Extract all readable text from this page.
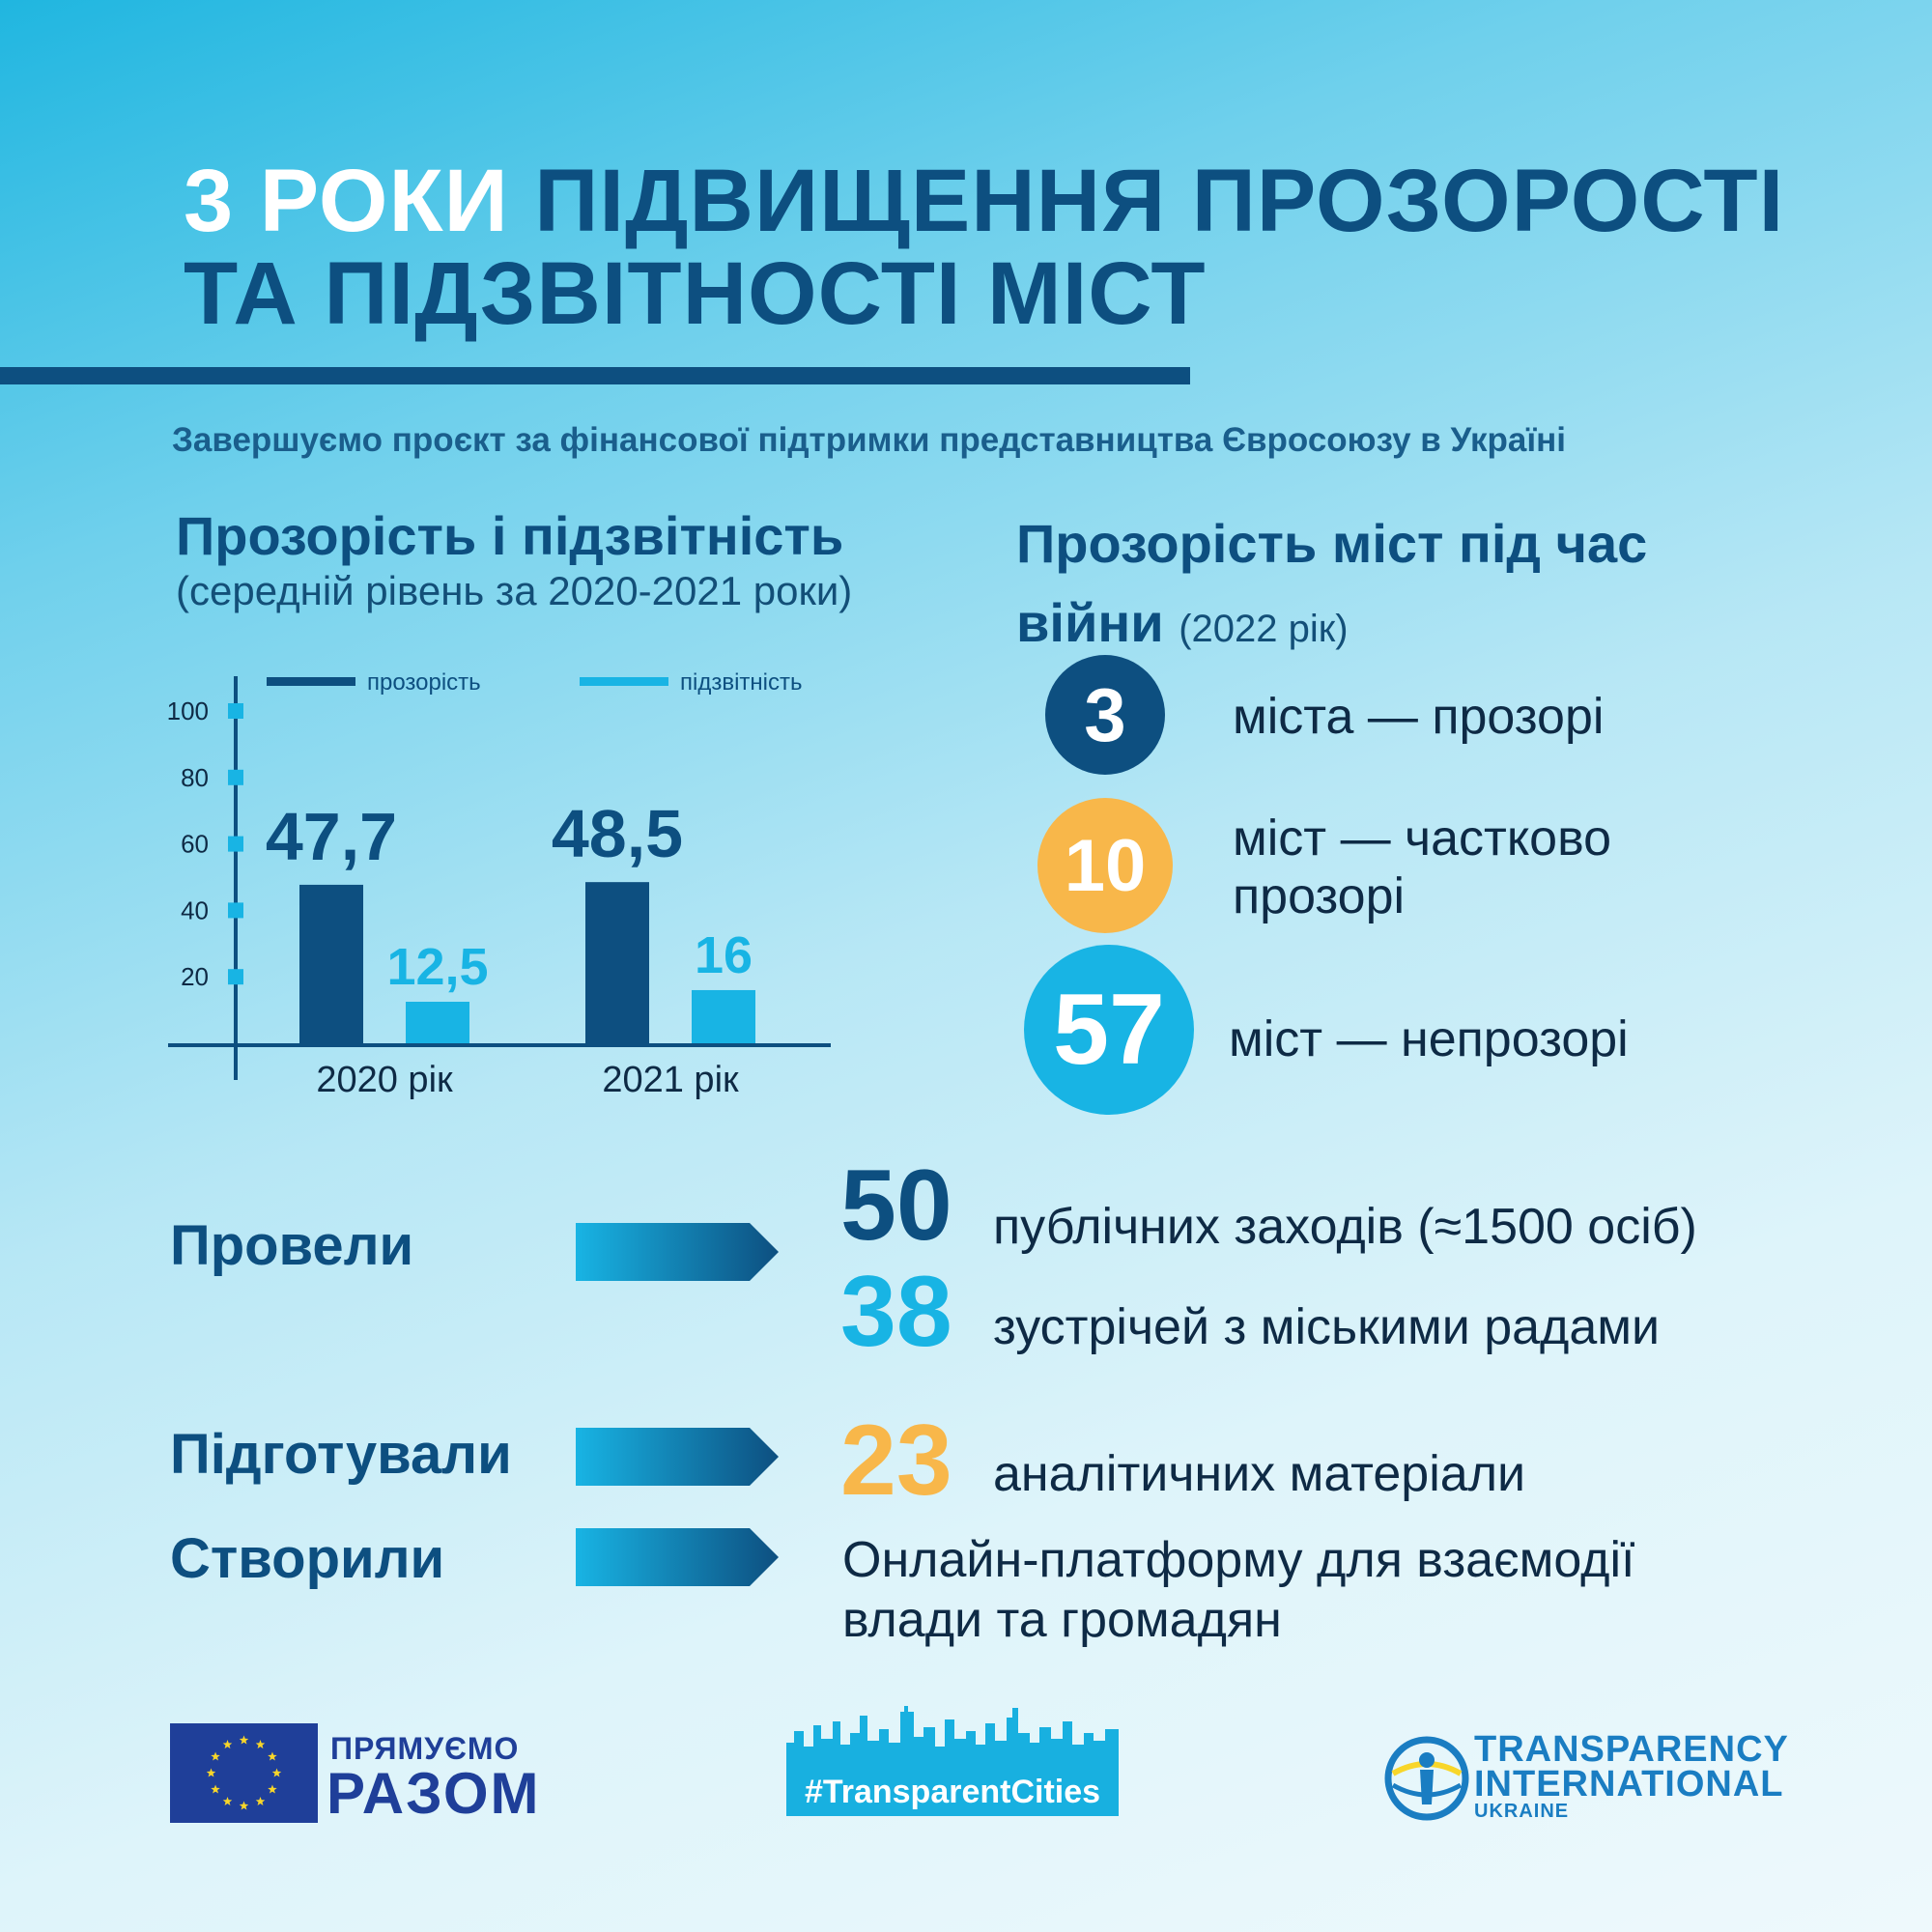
3 РОКИ ПІДВИЩЕННЯ ПРОЗОРОСТІ
ТА ПІДЗВІТНОСТІ МІСТ
Завершуємо проєкт за фінансової підтримки представництва Євросоюзу в Україні
Прозорість і підзвітність
(середній рівень за 2020-2021 роки)
прозорість	підзвітність
20
40
60
80
100
47,7
12,5
2020 рік
48,5
16
2021 рік
Прозорість міст під час
війни (2022 рік)
3 міста — прозорі
10 міст — частково
прозорі
57 міст — непрозорі
Провели	50 публічних заходів (≈1500 осіб)
38 зустрічей з міськими радами
Підготували	23 аналітичних матеріали
Створили	Онлайн-платформу для взаємодії
влади та громадян
ПРЯМУЄМО
РАЗОМ	#TransparentCities
TRANSPARENCY
INTERNATIONAL
UKRAINE
